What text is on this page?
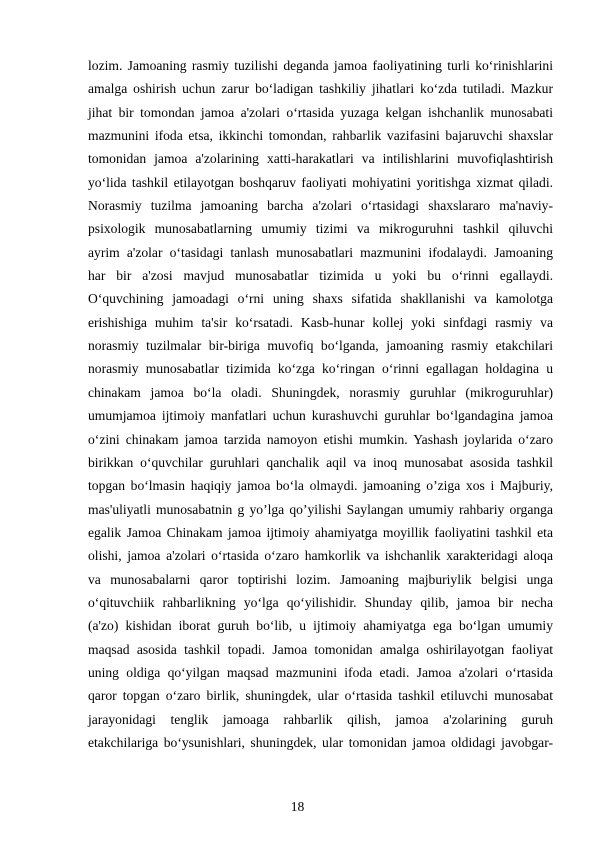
lozim. Jamoaning rasmiy tuzilishi deganda jamoa faoliyatining turli ko‘rinishlarini
amalga oshirish uchun zarur bo‘ladigan tashkiliy jihatlari ko‘zda tutiladi. Mazkur
jihat bir tomondan jamoa a'zolari o‘rtasida yuzaga kelgan ishchanlik munosabati
mazmunini ifoda etsa, ikkinchi tomondan, rahbarlik vazifasini bajaruvchi shaxslar
tomonidan jamoa a'zolarining xatti-harakatlari va intilishlarini muvofiqlashtirish
yo‘lida tashkil etilayotgan boshqaruv faoliyati mohiyatini yoritishga xizmat qiladi.
Norasmiy tuzilma jamoaning barcha a'zolari o‘rtasidagi shaxslararo ma'naviy-
psixologik munosabatlarning umumiy tizimi va mikroguruhni tashkil qiluvchi
ayrim a'zolar o‘tasidagi tanlash munosabatlari mazmunini ifodalaydi. Jamoaning
har bir a'zosi mavjud munosabatlar tizimida u yoki bu o‘rinni egallaydi.
O‘quvchining jamoadagi o‘rni uning shaxs sifatida shakllanishi va kamolotga
erishishiga muhim ta'sir ko‘rsatadi. Kasb-hunar kollej yoki sinfdagi rasmiy va
norasmiy tuzilmalar bir-biriga muvofiq bo‘lganda, jamoaning rasmiy etakchilari
norasmiy munosabatlar tizimida ko‘zga ko‘ringan o‘rinni egallagan holdagina u
chinakam jamoa bo‘la oladi. Shuningdek, norasmiy guruhlar (mikroguruhlar)
umumjamoa ijtimoiy manfatlari uchun kurashuvchi guruhlar bo‘lgandagina jamoa
o‘zini chinakam jamoa tarzida namoyon etishi mumkin. Yashash joylarida o‘zaro
birikkan o‘quvchilar guruhlari qanchalik aqil va inoq munosabat asosida tashkil
topgan bo‘lmasin haqiqiy jamoa bo‘la olmaydi. jamoaning o’ziga xos i Majburiy,
mas'uliyatli munosabatnin g yo’lga qo’yilishi Saylangan umumiy rahbariy organga
egalik Jamoa Chinakam jamoa ijtimoiy ahamiyatga moyillik faoliyatini tashkil eta
olishi, jamoa a'zolari o‘rtasida o‘zaro hamkorlik va ishchanlik xarakteridagi aloqa
va munosabalarni qaror toptirishi lozim. Jamoaning majburiylik belgisi unga
o‘qituvchiik rahbarlikning yo‘lga qo‘yilishidir. Shunday qilib, jamoa bir necha
(a'zo) kishidan iborat guruh bo‘lib, u ijtimoiy ahamiyatga ega bo‘lgan umumiy
maqsad asosida tashkil topadi. Jamoa tomonidan amalga oshirilayotgan faoliyat
uning oldiga qo‘yilgan maqsad mazmunini ifoda etadi. Jamoa a'zolari o‘rtasida
qaror topgan o‘zaro birlik, shuningdek, ular o‘rtasida tashkil etiluvchi munosabat
jarayonidagi tenglik jamoaga rahbarlik qilish, jamoa a'zolarining guruh
etakchilariga bo‘ysunishlari, shuningdek, ular tomonidan jamoa oldidagi javobgar-
18
